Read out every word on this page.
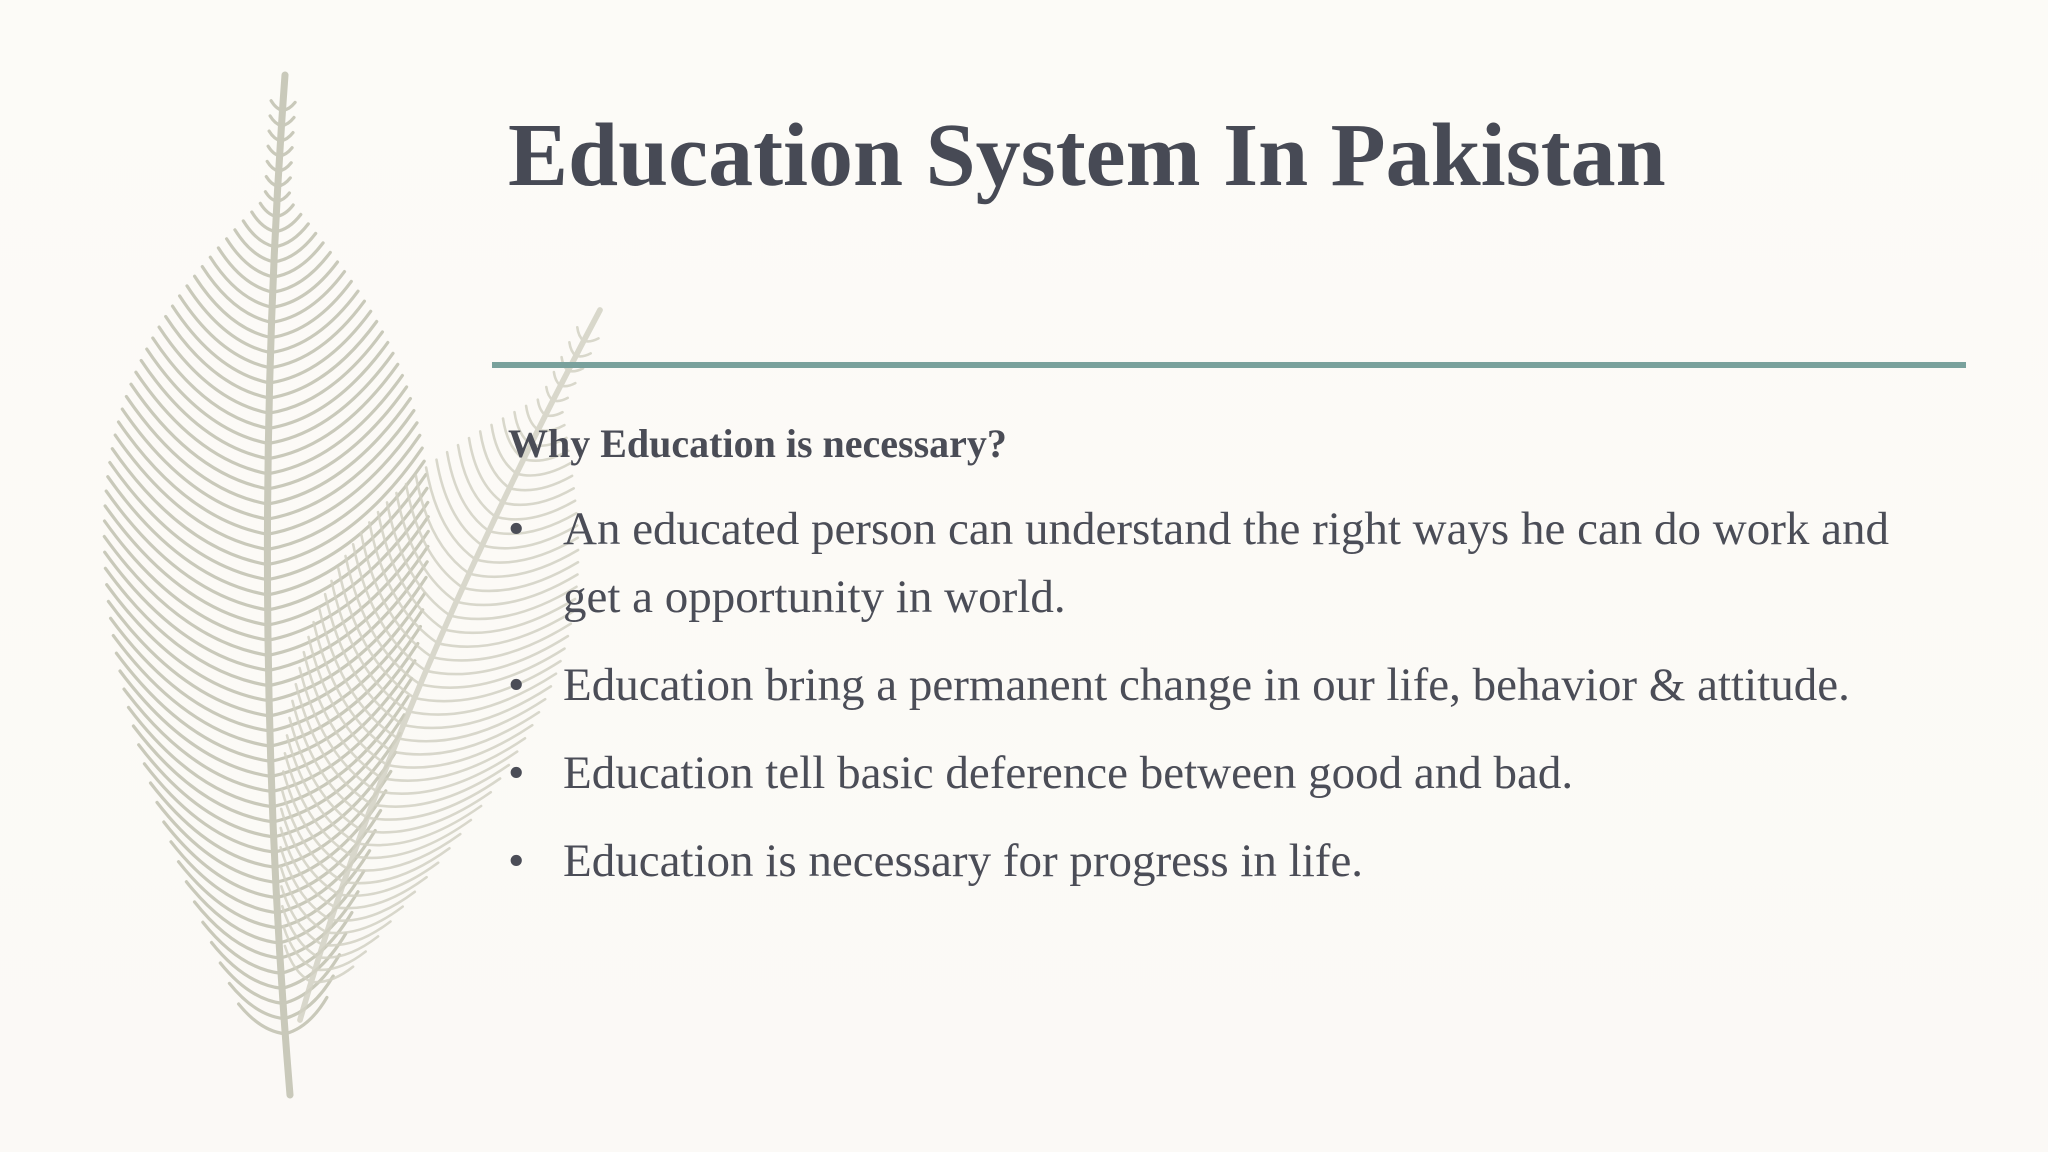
Education System In Pakistan
Why Education is necessary?
• An educated person can understand the right ways he can do work and get a opportunity in world.
• Education bring a permanent change in our life, behavior & attitude.
• Education tell basic deference between good and bad.
• Education is necessary for progress in life.
